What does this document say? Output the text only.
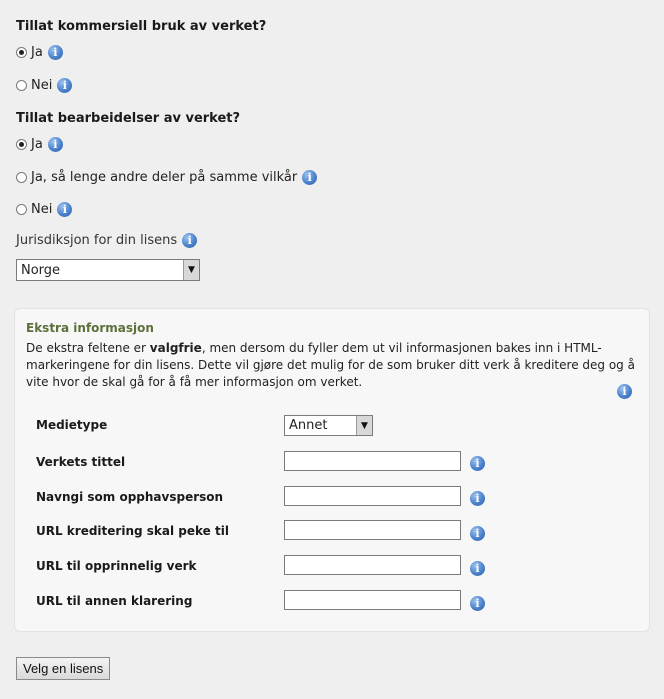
Tillat kommersiell bruk av verket?
Ja i
Nei i
Tillat bearbeidelser av verket?
Ja i
Ja, så lenge andre deler på samme vilkår i
Nei i
Jurisdiksjon for din lisens i
Norge	▼
Ekstra informasjon
De ekstra feltene er valgfrie, men dersom du fyller dem ut vil informasjonen bakes inn i HTML-markeringene for din lisens. Dette vil gjøre det mulig for de som bruker ditt verk å kreditere deg og å vite hvor de skal gå for å få mer informasjon om verket.
i
Medietype	Annet	▼
Verkets tittel	i
Navngi som opphavsperson	i
URL kreditering skal peke til	i
URL til opprinnelig verk	i
URL til annen klarering	i
Velg en lisens
